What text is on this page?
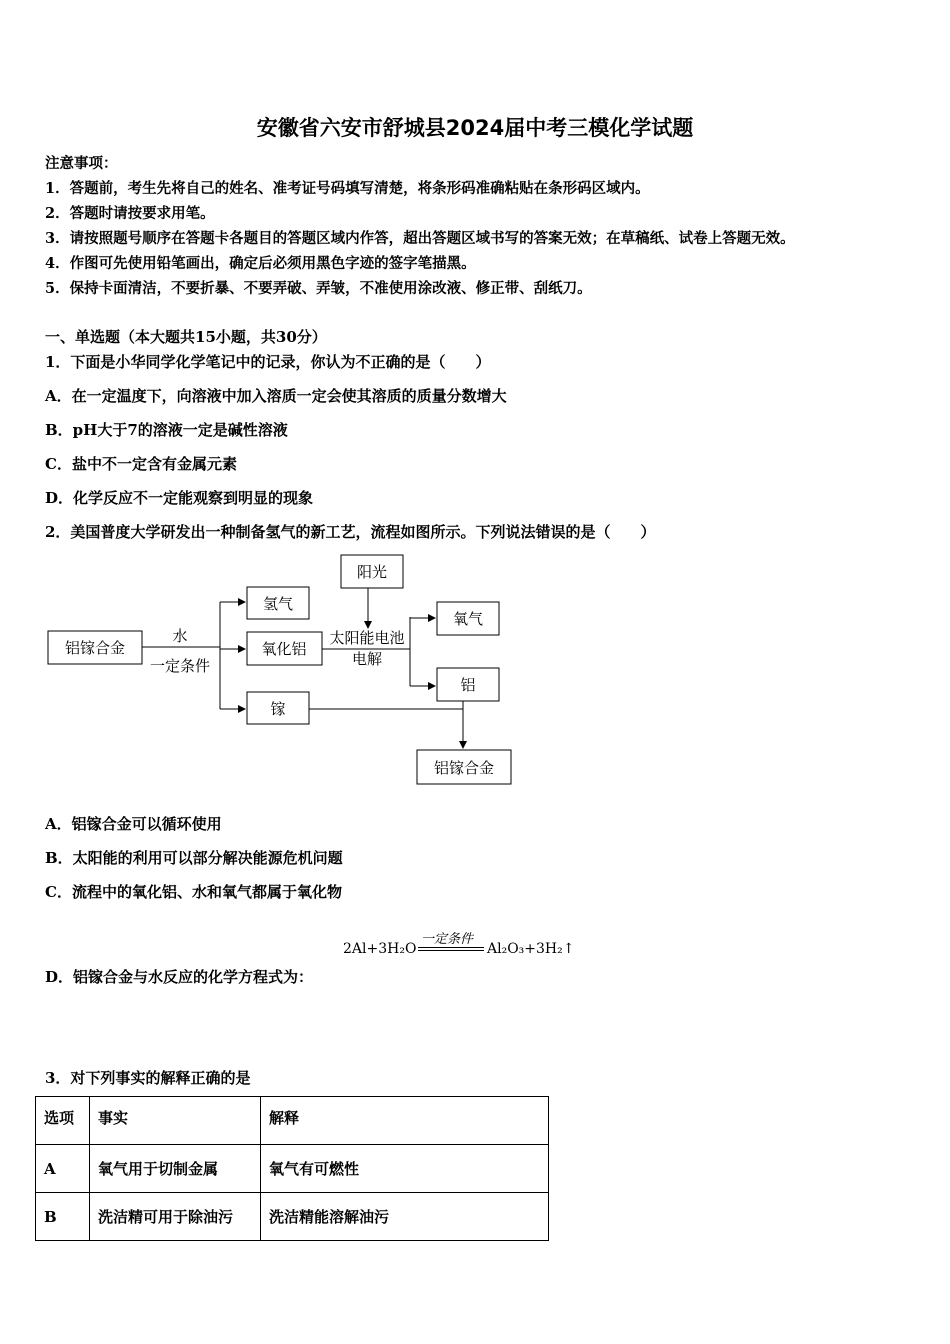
安徽省六安市舒城县2024届中考三模化学试题
注意事项：
1．答题前，考生先将自己的姓名、准考证号码填写清楚，将条形码准确粘贴在条形码区域内。
2．答题时请按要求用笔。
3．请按照题号顺序在答题卡各题目的答题区域内作答，超出答题区域书写的答案无效；在草稿纸、试卷上答题无效。
4．作图可先使用铅笔画出，确定后必须用黑色字迹的签字笔描黑。
5．保持卡面清洁，不要折暴、不要弄破、弄皱，不准使用涂改液、修正带、刮纸刀。
一、单选题（本大题共15小题，共30分）
1．下面是小华同学化学笔记中的记录，你认为不正确的是（　　）
A．在一定温度下，向溶液中加入溶质一定会使其溶质的质量分数增大
B．pH大于7的溶液一定是碱性溶液
C．盐中不一定含有金属元素
D．化学反应不一定能观察到明显的现象
2．美国普度大学研发出一种制备氢气的新工艺，流程如图所示。下列说法错误的是（　　）
铝镓合金
水
一定条件
氢气
氧化铝
镓
阳光
太阳能电池
电解
氧气
铝
铝镓合金
A．铝镓合金可以循环使用
B．太阳能的利用可以部分解决能源危机问题
C．流程中的氧化铝、水和氧气都属于氧化物
2Al+3H₂O
一定条件
Al₂O₃+3H₂↑
D．铝镓合金与水反应的化学方程式为：
3．对下列事实的解释正确的是
选项	事实	解释
A	氧气用于切制金属	氧气有可燃性
B	洗洁精可用于除油污	洗洁精能溶解油污
